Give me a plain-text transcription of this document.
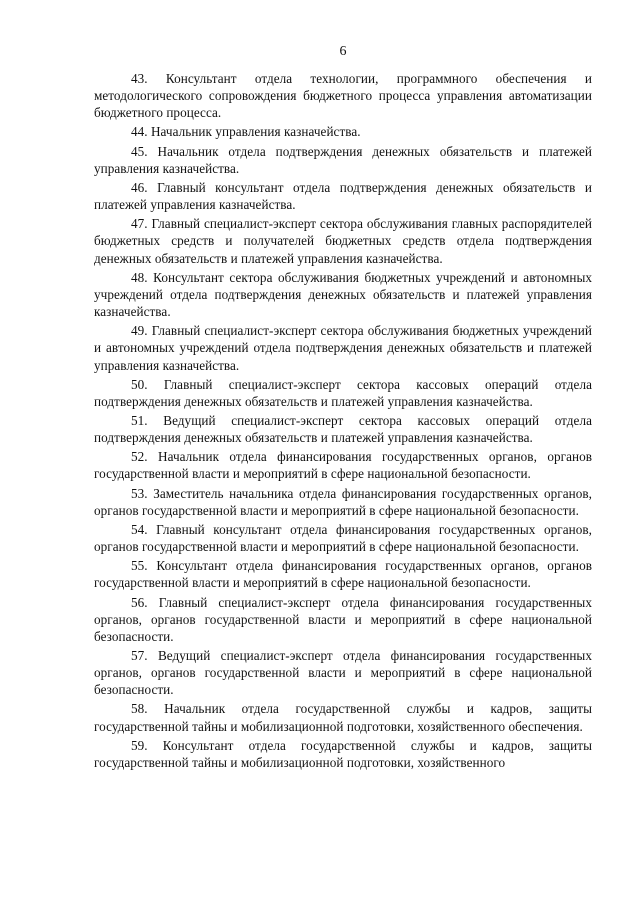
6

43. Консультант отдела технологии, программного обеспечения и методологического сопровождения бюджетного процесса управления автоматизации бюджетного процесса.

44. Начальник управления казначейства.

45. Начальник отдела подтверждения денежных обязательств и платежей управления казначейства.

46. Главный консультант отдела подтверждения денежных обязательств и платежей управления казначейства.

47. Главный специалист-эксперт сектора обслуживания главных распорядителей бюджетных средств и получателей бюджетных средств отдела подтверждения денежных обязательств и платежей управления казначейства.

48. Консультант сектора обслуживания бюджетных учреждений и автономных учреждений отдела подтверждения денежных обязательств и платежей управления казначейства.

49. Главный специалист-эксперт сектора обслуживания бюджетных учреждений и автономных учреждений отдела подтверждения денежных обязательств и платежей управления казначейства.

50. Главный специалист-эксперт сектора кассовых операций отдела подтверждения денежных обязательств и платежей управления казначейства.

51. Ведущий специалист-эксперт сектора кассовых операций отдела подтверждения денежных обязательств и платежей управления казначейства.

52. Начальник отдела финансирования государственных органов, органов государственной власти и мероприятий в сфере национальной безопасности.

53. Заместитель начальника отдела финансирования государственных органов, органов государственной власти и мероприятий в сфере национальной безопасности.

54. Главный консультант отдела финансирования государственных органов, органов государственной власти и мероприятий в сфере национальной безопасности.

55. Консультант отдела финансирования государственных органов, органов государственной власти и мероприятий в сфере национальной безопасности.

56. Главный специалист-эксперт отдела финансирования государственных органов, органов государственной власти и мероприятий в сфере национальной безопасности.

57. Ведущий специалист-эксперт отдела финансирования государственных органов, органов государственной власти и мероприятий в сфере национальной безопасности.

58. Начальник отдела государственной службы и кадров, защиты государственной тайны и мобилизационной подготовки, хозяйственного обеспечения.

59. Консультант отдела государственной службы и кадров, защиты государственной тайны и мобилизационной подготовки, хозяйственного
